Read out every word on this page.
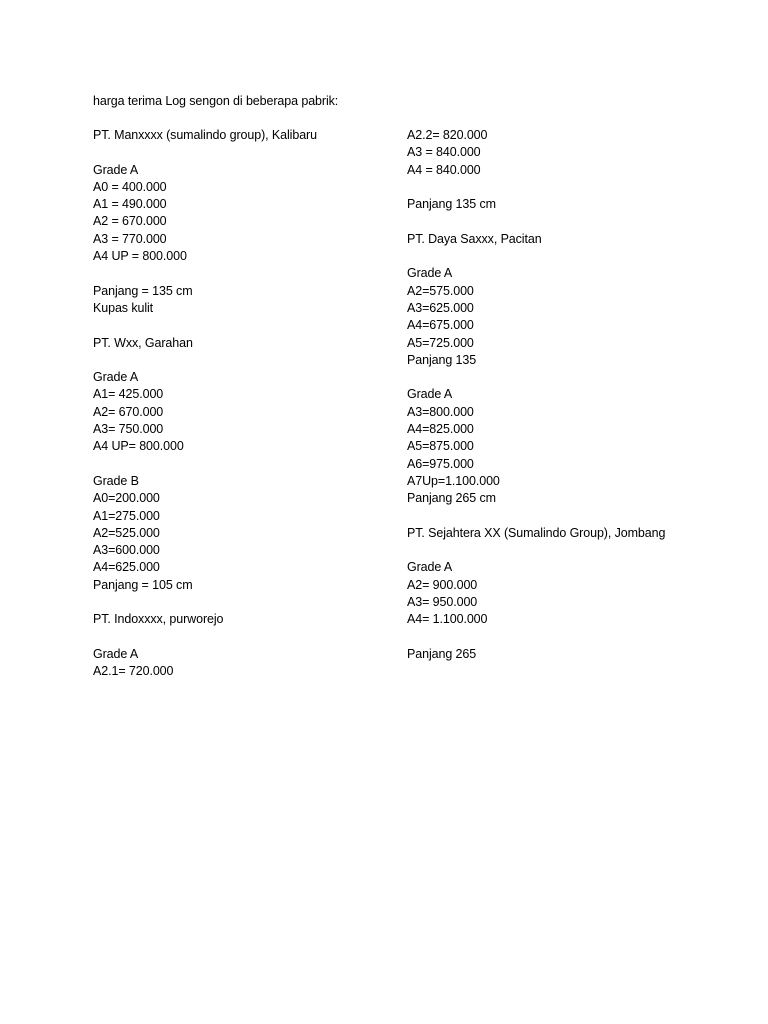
harga terima Log sengon di beberapa pabrik:
PT. Manxxxx (sumalindo group), Kalibaru
Grade A
A0 = 400.000
A1 = 490.000
A2 = 670.000
A3 = 770.000
A4 UP = 800.000
Panjang = 135 cm
Kupas kulit
PT. Wxx, Garahan
Grade A
A1= 425.000
A2= 670.000
A3= 750.000
A4 UP= 800.000
Grade B
A0=200.000
A1=275.000
A2=525.000
A3=600.000
A4=625.000
Panjang = 105 cm
PT. Indoxxxx, purworejo
Grade A
A2.1= 720.000
A2.2= 820.000
A3 = 840.000
A4 = 840.000
Panjang 135 cm
PT. Daya Saxxx, Pacitan
Grade A
A2=575.000
A3=625.000
A4=675.000
A5=725.000
Panjang 135
Grade A
A3=800.000
A4=825.000
A5=875.000
A6=975.000
A7Up=1.100.000
Panjang 265 cm
PT. Sejahtera XX (Sumalindo Group), Jombang
Grade A
A2= 900.000
A3= 950.000
A4= 1.100.000
Panjang 265
